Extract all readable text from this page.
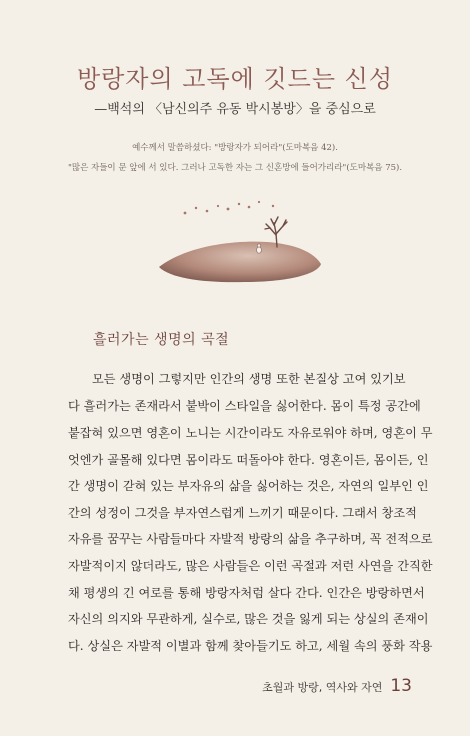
방랑자의 고독에 깃드는 신성
—백석의 〈남신의주 유동 박시봉방〉을 중심으로
예수께서 말씀하셨다: "방랑자가 되어라"(도마복음 42).
"많은 자들이 문 앞에 서 있다. 그러나 고독한 자는 그 신혼방에 들어가리라"(도마복음 75).
흘러가는 생명의 곡절
모든 생명이 그렇지만 인간의 생명 또한 본질상 고여 있기보
다 흘러가는 존재라서 붙박이 스타일을 싫어한다. 몸이 특정 공간에
붙잡혀 있으면 영혼이 노니는 시간이라도 자유로워야 하며, 영혼이 무
엇엔가 골몰해 있다면 몸이라도 떠돌아야 한다. 영혼이든, 몸이든, 인
간 생명이 갇혀 있는 부자유의 삶을 싫어하는 것은, 자연의 일부인 인
간의 성정이 그것을 부자연스럽게 느끼기 때문이다. 그래서 창조적
자유를 꿈꾸는 사람들마다 자발적 방랑의 삶을 추구하며, 꼭 전적으로
자발적이지 않더라도, 많은 사람들은 이런 곡절과 저런 사연을 간직한
채 평생의 긴 여로를 통해 방랑자처럼 살다 간다. 인간은 방랑하면서
자신의 의지와 무관하게, 실수로, 많은 것을 잃게 되는 상실의 존재이
다. 상실은 자발적 이별과 함께 찾아들기도 하고, 세월 속의 풍화 작용
초월과 방랑, 역사와 자연 13
